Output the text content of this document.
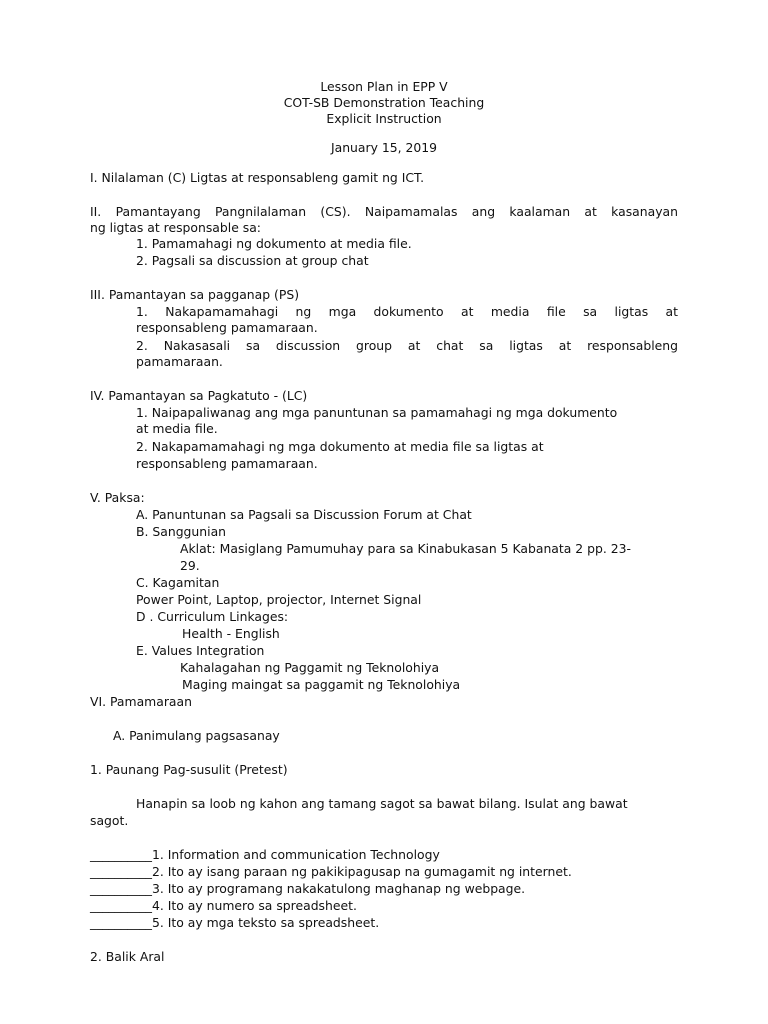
Lesson Plan in EPP V
COT-SB Demonstration Teaching
Explicit Instruction
January 15, 2019
I. Nilalaman (C) Ligtas at responsableng gamit ng ICT.
II. Pamantayang Pangnilalaman (CS). Naipamamalas ang kaalaman at kasanayan
ng ligtas at responsable sa:
1. Pamamahagi ng dokumento at media file.
2. Pagsali sa discussion at group chat
III. Pamantayan sa pagganap (PS)
1. Nakapamamahagi ng mga dokumento at media file sa ligtas at
responsableng pamamaraan.
2. Nakasasali sa discussion group at chat sa ligtas at responsableng
pamamaraan.
IV. Pamantayan sa Pagkatuto - (LC)
1. Naipapaliwanag ang mga panuntunan sa pamamahagi ng mga dokumento
at media file.
2. Nakapamamahagi ng mga dokumento at media file sa ligtas at
responsableng pamamaraan.
V. Paksa:
A. Panuntunan sa Pagsali sa Discussion Forum at Chat
B. Sanggunian
Aklat: Masiglang Pamumuhay para sa Kinabukasan 5 Kabanata 2 pp. 23-
29.
C. Kagamitan
Power Point, Laptop, projector, Internet Signal
D . Curriculum Linkages:
Health - English
E. Values Integration
Kahalagahan ng Paggamit ng Teknolohiya
Maging maingat sa paggamit ng Teknolohiya
VI. Pamamaraan
A. Panimulang pagsasanay
1. Paunang Pag-susulit (Pretest)
Hanapin sa loob ng kahon ang tamang sagot sa bawat bilang. Isulat ang bawat
sagot.
__________1. Information and communication Technology
__________2. Ito ay isang paraan ng pakikipagusap na gumagamit ng internet.
__________3. Ito ay programang nakakatulong maghanap ng webpage.
__________4. Ito ay numero sa spreadsheet.
__________5. Ito ay mga teksto sa spreadsheet.
2. Balik Aral
